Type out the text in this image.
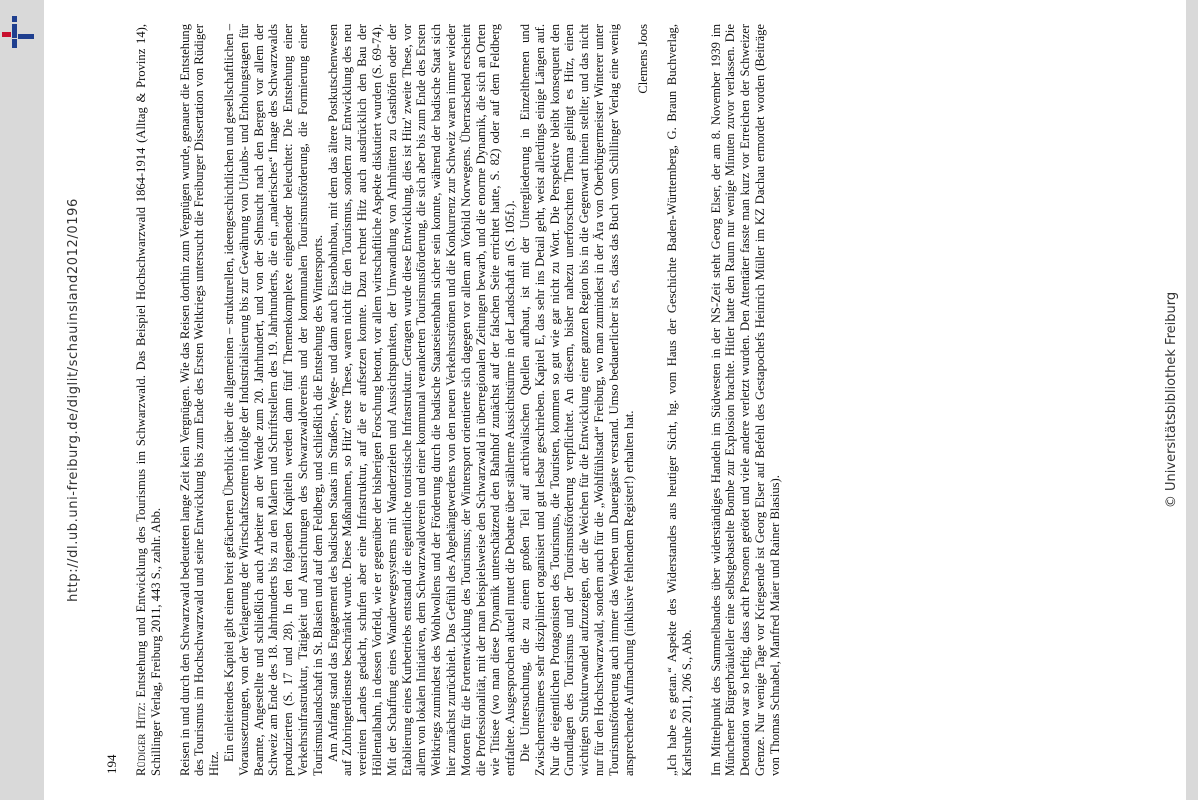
http://dl.ub.uni-freiburg.de/diglit/schauinsland2012/0196
194 Rüdiger Hitz: Entstehung und Entwicklung des Tourismus im Schwarzwald. Das Beispiel Hochschwarzwald 1864-1914 (Alltag & Provinz 14), Schillinger Verlag, Freiburg 2011, 443 S., zahlr. Abb. Reisen in und durch den Schwarzwald bedeuteten lange Zeit kein Vergnügen. Wie das Reisen dorthin zum Vergnügen wurde, genauer die Entstehung des Tourismus im Hochschwarzwald und seine Entwicklung bis zum Ende des Ersten Weltkriegs untersucht die Freiburger Dissertation von Rüdiger Hitz.

Ein einleitendes Kapitel gibt einen breit gefächerten Überblick über die allgemeinen – strukturellen, ideengeschichtlichen und gesellschaftlichen – Voraussetzungen, von der Verlagerung der Wirtschaftszentren infolge der Industrialisierung bis zur Gewährung von Urlaubs- und Erholungstagen für Beamte, Angestellte und schließlich auch Arbeiter an der Wende zum 20. Jahrhundert, und von der Sehnsucht nach den Bergen vor allem der Schweiz am Ende des 18. Jahrhunderts bis zu den Malern und Schriftstellern des 19. Jahrhunderts, die ein „malerisches“ Image des Schwarzwalds produzierten (S. 17 und 28). In den folgenden Kapiteln werden dann fünf Themenkomplexe eingehender beleuchtet: Die Entstehung einer Verkehrsinfrastruktur, Tätigkeit und Ausrichtungen des Schwarzwaldvereins und der kommunalen Tourismusförderung, die Formierung einer Tourismuslandschaft in St. Blasien und auf dem Feldberg, und schließlich die Entstehung des Wintersports. Am Anfang stand das Engagement des badischen Staats im Straßen-, Wege- und dann auch Eisenbahnbau, mit dem das ältere Postkutschenwesen auf Zubringerdienste beschränkt wurde. Diese Maßnahmen, so Hitz' erste These, waren nicht für den Tourismus, sondern zur Entwicklung des neu vereinten Landes gedacht, schufen aber eine Infrastruktur, auf die er aufsetzen konnte. Dazu rechnet Hitz auch ausdrücklich den Bau der Höllentalbahn, in dessen Vorfeld, wie er gegenüber der bisherigen Forschung betont, vor allem wirtschaftliche Aspekte diskutiert wurden (S. 69-74). Mit der Schaffung eines Wanderwegesystems mit Wanderzielen und Aussichtspunkten, der Umwandlung von Almhütten zu Gasthöfen oder der Etablierung eines Kurbetriebs entstand die eigentliche touristische Infrastruktur. Getragen wurde diese Entwicklung, dies ist Hitz' zweite These, vor allem von lokalen Initiativen, dem Schwarzwaldverein und einer kommunal verankerten Tourismusförderung, die sich aber bis zum Ende des Ersten Weltkriegs zumindest des Wohlwollens und der Förderung durch die badische Staatseisenbahn sicher sein konnte, während der badische Staat sich hier zunächst zurückhielt. Das Gefühl des Abgehängtwerdens von den neuen Verkehrsströmen und die Konkurrenz zur Schweiz waren immer wieder Motoren für die Fortentwicklung des Tourismus; der Wintersport orientierte sich dagegen vor allem am Vorbild Norwegens. Überraschend erscheint die Professionalität, mit der man beispielsweise den Schwarzwald in überregionalen Zeitungen bewarb, und die enorme Dynamik, die sich an Orten wie Titisee (wo man diese Dynamik unterschätzend den Bahnhof zunächst auf der falschen Seite errichtet hatte, S. 82) oder auf dem Feldberg entfaltete. Ausgesprochen aktuell mutet die Debatte über stählerne Aussichtstürme in der Landschaft an (S. 105f.). Die Untersuchung, die zu einem großen Teil auf archivalischen Quellen aufbaut, ist mit der Untergliederung in Einzelthemen und Zwischenresümees sehr diszipliniert organisiert und gut lesbar geschrieben. Kapitel E, das sehr ins Detail geht, weist allerdings einige Längen auf. Nur die eigentlichen Protagonisten des Tourismus, die Touristen, kommen so gut wie gar nicht zu Wort. Die Perspektive bleibt konsequent den Grundlagen des Tourismus und der Tourismusförderung verpflichtet. An diesem, bisher nahezu unerforschten Thema gelingt es Hitz, einen wichtigen Strukturwandel aufzuzeigen, der die Weichen für die Entwicklung einer ganzen Region bis in die Gegenwart hinein stellte; und das nicht nur für den Hochschwarzwald, sondern auch für die „Wohlfühlstadt“ Freiburg, wo man zumindest in der Ära von Oberbürgermeister Winterer unter Tourismusförderung auch immer das Werben um Dauergäste verstand. Umso bedauerlicher ist es, dass das Buch vom Schillinger Verlag eine wenig ansprechende Aufmachung (inklusive fehlendem Register!) erhalten hat.

Clemens Joos „Ich habe es getan.“ Aspekte des Widerstandes aus heutiger Sicht, hg. vom Haus der Geschichte Baden-Württemberg, G. Braun Buchverlag, Karlsruhe 2011, 206 S., Abb. Im Mittelpunkt des Sammelbandes über widerständiges Handeln im Südwesten in der NS-Zeit steht Georg Elser, der am 8. November 1939 im Münchener Bürgerbräukeller eine selbstgebastelte Bombe zur Explosion brachte. Hitler hatte den Raum nur wenige Minuten zuvor verlassen. Die Detonation war so heftig, dass acht Personen getötet und viele andere verletzt wurden. Den Attentäter fasste man kurz vor Erreichen der Schweizer Grenze. Nur wenige Tage vor Kriegsende ist Georg Elser auf Befehl des Gestapochefs Heinrich Müller im KZ Dachau ermordet worden (Beiträge von Thomas Schnabel, Manfred Maier und Rainer Blasius).

© Universitätsbibliothek Freiburg
